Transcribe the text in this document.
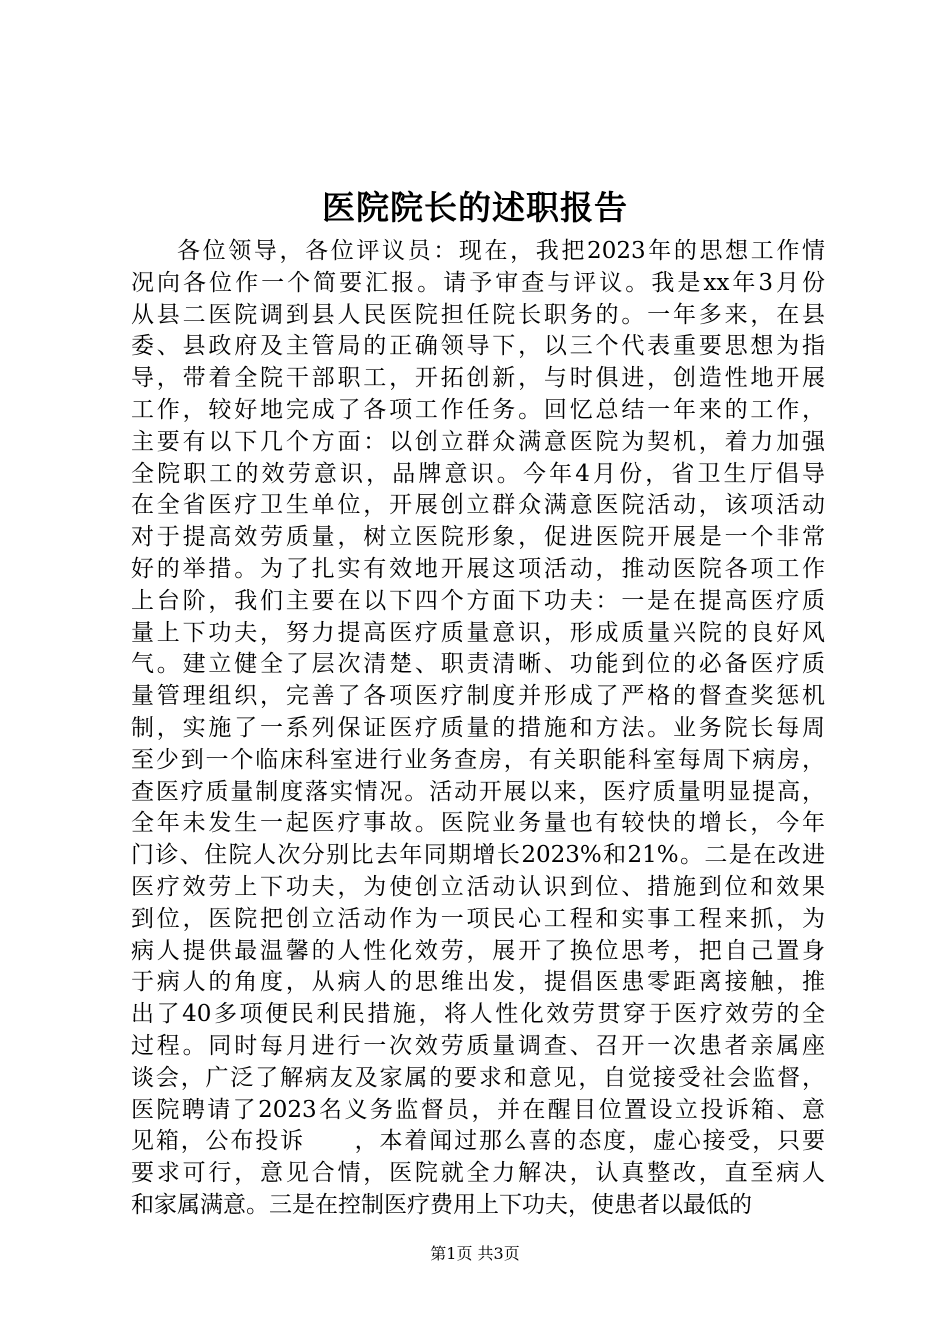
医院院长的述职报告
各位领导，各位评议员：现在，我把2023年的思想工作情
况向各位作一个简要汇报。请予审查与评议。我是xx年3月份
从县二医院调到县人民医院担任院长职务的。一年多来，在县
委、县政府及主管局的正确领导下，以三个代表重要思想为指
导，带着全院干部职工，开拓创新，与时俱进，创造性地开展
工作，较好地完成了各项工作任务。回忆总结一年来的工作，
主要有以下几个方面：以创立群众满意医院为契机，着力加强
全院职工的效劳意识，品牌意识。今年4月份，省卫生厅倡导
在全省医疗卫生单位，开展创立群众满意医院活动，该项活动
对于提高效劳质量，树立医院形象，促进医院开展是一个非常
好的举措。为了扎实有效地开展这项活动，推动医院各项工作
上台阶，我们主要在以下四个方面下功夫：一是在提高医疗质
量上下功夫，努力提高医疗质量意识，形成质量兴院的良好风
气。建立健全了层次清楚、职责清晰、功能到位的必备医疗质
量管理组织，完善了各项医疗制度并形成了严格的督查奖惩机
制，实施了一系列保证医疗质量的措施和方法。业务院长每周
至少到一个临床科室进行业务查房，有关职能科室每周下病房，
查医疗质量制度落实情况。活动开展以来，医疗质量明显提高，
全年未发生一起医疗事故。医院业务量也有较快的增长，今年
门诊、住院人次分别比去年同期增长2023%和21%。二是在改进
医疗效劳上下功夫，为使创立活动认识到位、措施到位和效果
到位，医院把创立活动作为一项民心工程和实事工程来抓，为
病人提供最温馨的人性化效劳，展开了换位思考，把自己置身
于病人的角度，从病人的思维出发，提倡医患零距离接触，推
出了40多项便民利民措施，将人性化效劳贯穿于医疗效劳的全
过程。同时每月进行一次效劳质量调查、召开一次患者亲属座
谈会，广泛了解病友及家属的要求和意见，自觉接受社会监督，
医院聘请了2023名义务监督员，并在醒目位置设立投诉箱、意
见箱，公布投诉　　，本着闻过那么喜的态度，虚心接受，只要
要求可行，意见合情，医院就全力解决，认真整改，直至病人
和家属满意。三是在控制医疗费用上下功夫，使患者以最低的

第1页 共3页
